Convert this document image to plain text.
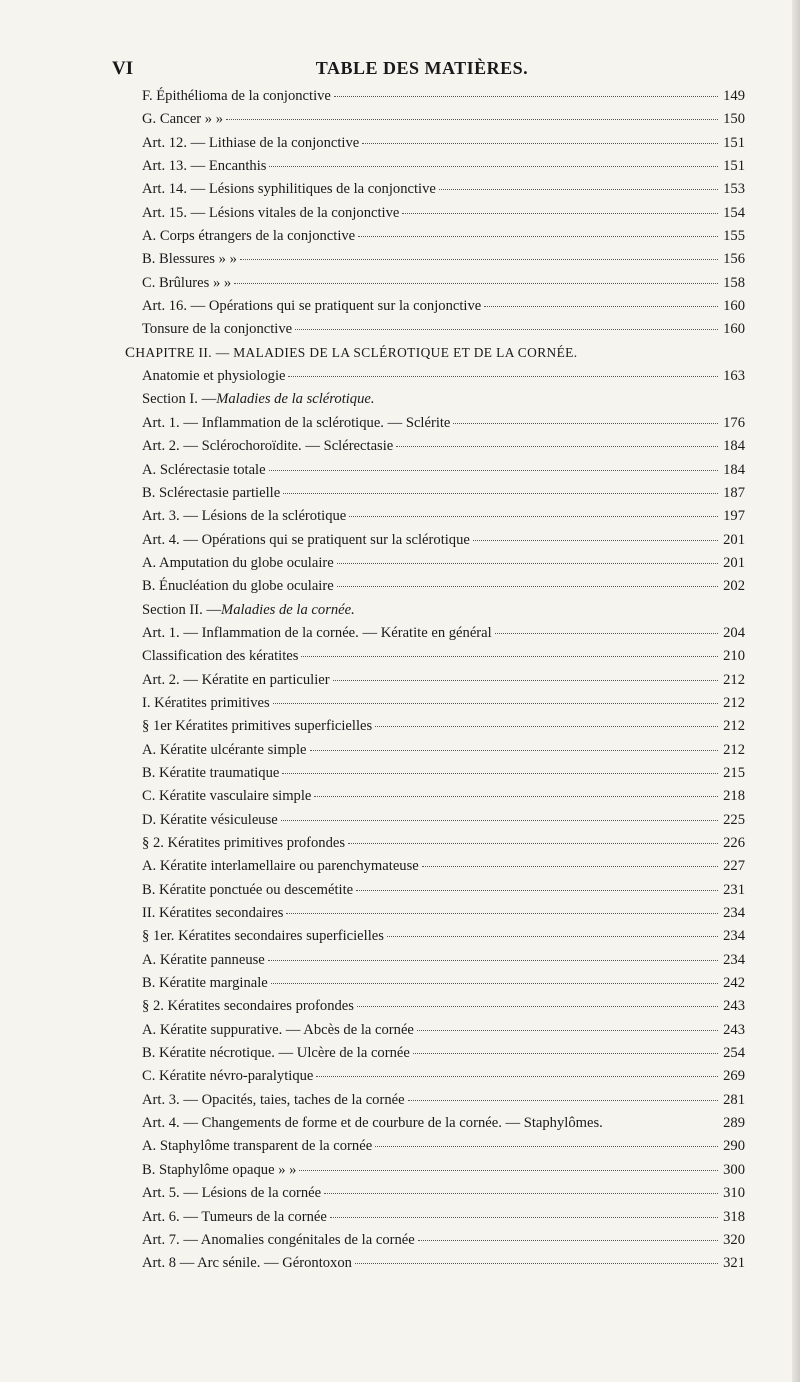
VI	TABLE DES MATIÈRES.
F. Épithélioma de la conjonctive	149
G. Cancer » »	150
Art. 12. — Lithiase de la conjonctive	151
Art. 13. — Encanthis	151
Art. 14. — Lésions syphilitiques de la conjonctive	153
Art. 15. — Lésions vitales de la conjonctive	154
A. Corps étrangers de la conjonctive	155
B. Blessures » »	156
C. Brûlures » »	158
Art. 16. — Opérations qui se pratiquent sur la conjonctive	160
Tonsure de la conjonctive	160
CHAPITRE II. — MALADIES DE LA SCLÉROTIQUE ET DE LA CORNÉE.
Anatomie et physiologie	163
Section I. — Maladies de la sclérotique.
Art. 1. — Inflammation de la sclérotique. — Sclérite	176
Art. 2. — Sclérochoroïdite. — Sclérectasie	184
A. Sclérectasie totale	184
B. Sclérectasie partielle	187
Art. 3. — Lésions de la sclérotique	197
Art. 4. — Opérations qui se pratiquent sur la sclérotique	201
A. Amputation du globe oculaire	201
B. Énucléation du globe oculaire	202
Section II. — Maladies de la cornée.
Art. 1. — Inflammation de la cornée. — Kératite en général	204
Classification des kératites	210
Art. 2. — Kératite en particulier	212
I. Kératites primitives	212
§ 1er Kératites primitives superficielles	212
A. Kératite ulcérante simple	212
B. Kératite traumatique	215
C. Kératite vasculaire simple	218
D. Kératite vésiculeuse	225
§ 2. Kératites primitives profondes	226
A. Kératite interlamellaire ou parenchymateuse	227
B. Kératite ponctuée ou descemétite	231
II. Kératites secondaires	234
§ 1er. Kératites secondaires superficielles	234
A. Kératite panneuse	234
B. Kératite marginale	242
§ 2. Kératites secondaires profondes	243
A. Kératite suppurative. — Abcès de la cornée	243
B. Kératite nécrotique. — Ulcère de la cornée	254
C. Kératite névro-paralytique	269
Art. 3. — Opacités, taies, taches de la cornée	281
Art. 4. — Changements de forme et de courbure de la cornée. — Staphylômes.	289
A. Staphylôme transparent de la cornée	290
B. Staphylôme opaque » »	300
Art. 5. — Lésions de la cornée	310
Art. 6. — Tumeurs de la cornée	318
Art. 7. — Anomalies congénitales de la cornée	320
Art. 8 — Arc sénile. — Gérontoxon	321
